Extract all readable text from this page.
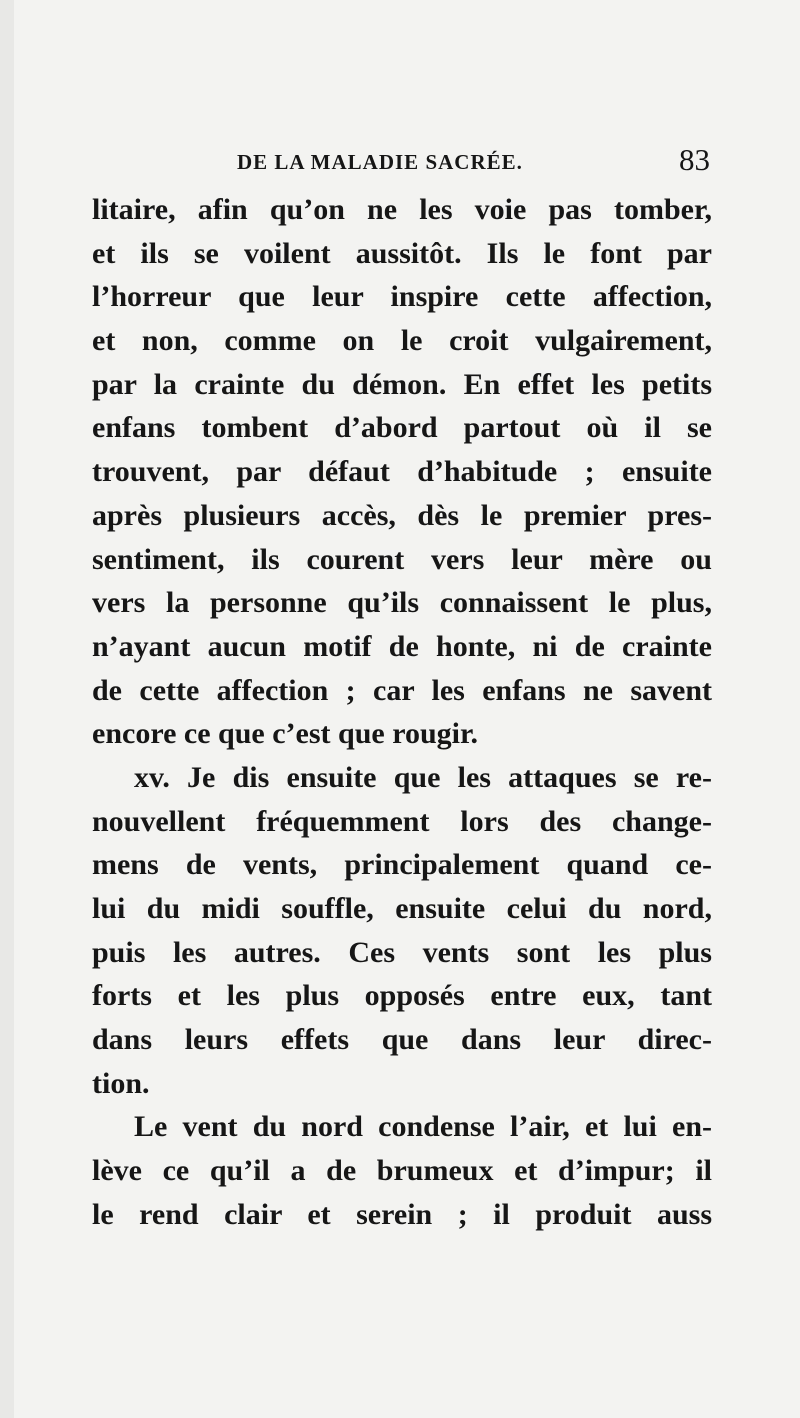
DE LA MALADIE SACRÉE.	83
litaire, afin qu’on ne les voie pas tomber,
et ils se voilent aussitôt. Ils le font par
l’horreur que leur inspire cette affection,
et non, comme on le croit vulgairement,
par la crainte du démon. En effet les petits
enfans tombent d’abord partout où il se
trouvent, par défaut d’habitude ; ensuite
après plusieurs accès, dès le premier pres-
sentiment, ils courent vers leur mère ou
vers la personne qu’ils connaissent le plus,
n’ayant aucun motif de honte, ni de crainte
de cette affection ; car les enfans ne savent
encore ce que c’est que rougir.
xv. Je dis ensuite que les attaques se re-
nouvellent fréquemment lors des change-
mens de vents, principalement quand ce-
lui du midi souffle, ensuite celui du nord,
puis les autres. Ces vents sont les plus
forts et les plus opposés entre eux, tant
dans leurs effets que dans leur direc-
tion.
Le vent du nord condense l’air, et lui en-
lève ce qu’il a de brumeux et d’impur; il
le rend clair et serein ; il produit auss
